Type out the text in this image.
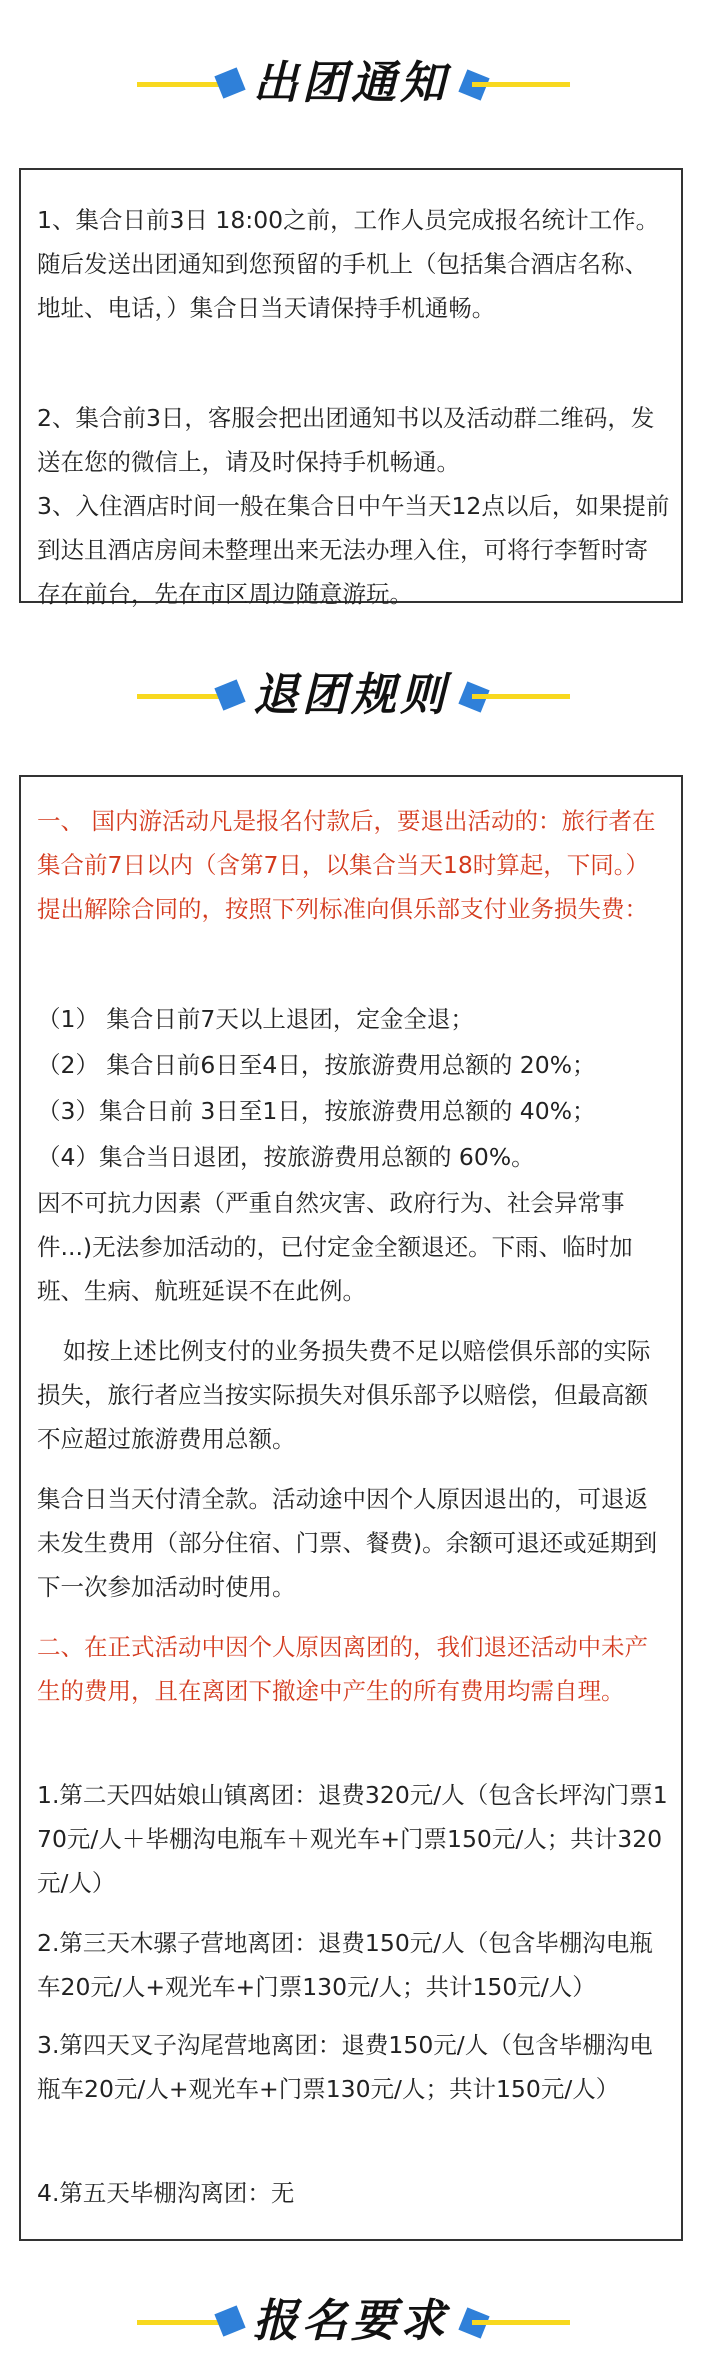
出团通知
1、集合日前3日 18:00之前，工作人员完成报名统计工作。随后发送出团通知到您预留的手机上（包括集合酒店名称、地址、电话，）集合日当天请保持手机通畅。
2、集合前3日，客服会把出团通知书以及活动群二维码，发送在您的微信上，请及时保持手机畅通。
3、入住酒店时间一般在集合日中午当天12点以后，如果提前到达且酒店房间未整理出来无法办理入住，可将行李暂时寄存在前台，先在市区周边随意游玩。
退团规则
一、 国内游活动凡是报名付款后，要退出活动的：旅行者在集合前7日以内（含第7日，以集合当天18时算起，下同。）提出解除合同的，按照下列标准向俱乐部支付业务损失费：
（1） 集合日前7天以上退团，定金全退；
（2） 集合日前6日至4日，按旅游费用总额的 20%；
（3）集合日前 3日至1日，按旅游费用总额的 40%；
（4）集合当日退团，按旅游费用总额的 60%。
因不可抗力因素（严重自然灾害、政府行为、社会异常事件...)无法参加活动的，已付定金全额退还。下雨、临时加班、生病、航班延误不在此例。
如按上述比例支付的业务损失费不足以赔偿俱乐部的实际损失，旅行者应当按实际损失对俱乐部予以赔偿，但最高额不应超过旅游费用总额。
集合日当天付清全款。活动途中因个人原因退出的，可退返未发生费用（部分住宿、门票、餐费)。余额可退还或延期到下一次参加活动时使用。
二、在正式活动中因个人原因离团的，我们退还活动中未产生的费用，且在离团下撤途中产生的所有费用均需自理。
1.第二天四姑娘山镇离团：退费320元/人（包含长坪沟门票170元/人＋毕棚沟电瓶车＋观光车+门票150元/人；共计320元/人）
2.第三天木骡子营地离团：退费150元/人（包含毕棚沟电瓶车20元/人+观光车+门票130元/人；共计150元/人）
3.第四天叉子沟尾营地离团：退费150元/人（包含毕棚沟电瓶车20元/人+观光车+门票130元/人；共计150元/人）
4.第五天毕棚沟离团：无
报名要求
